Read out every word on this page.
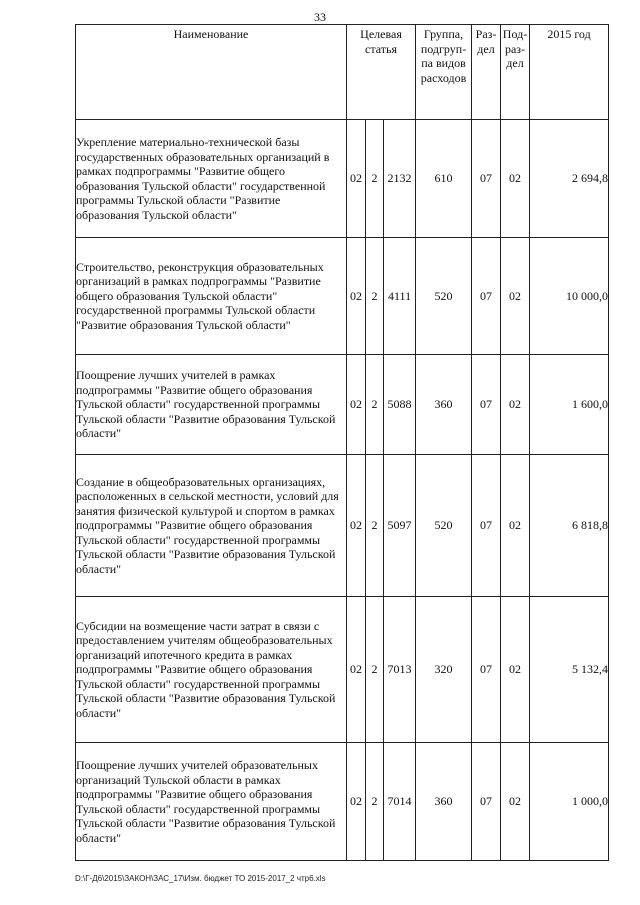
33
Наименование	Целевая статья			Группа, подгруп-па видов расходов	Раз-дел	Под-раз-дел	2015 год
Укрепление материально-технической базы государственных образовательных организаций в рамках подпрограммы "Развитие общего образования Тульской области" государственной программы Тульской области "Развитие образования Тульской области"	02	2	2132	610	07	02	2 694,8
Строительство, реконструкция образовательных организаций в рамках подпрограммы "Развитие общего образования Тульской области" государственной программы Тульской области "Развитие образования Тульской области"	02	2	4111	520	07	02	10 000,0
Поощрение лучших учителей в рамках подпрограммы "Развитие общего образования Тульской области" государственной программы Тульской области "Развитие образования Тульской области"	02	2	5088	360	07	02	1 600,0
Создание в общеобразовательных организациях, расположенных в сельской местности, условий для занятия физической культурой и спортом в рамках подпрограммы "Развитие общего образования Тульской области" государственной программы Тульской области "Развитие образования Тульской области"	02	2	5097	520	07	02	6 818,8
Субсидии на возмещение части затрат в связи с предоставлением учителям общеобразовательных организаций ипотечного кредита в рамках подпрограммы "Развитие общего образования Тульской области" государственной программы Тульской области "Развитие образования Тульской области"	02	2	7013	320	07	02	5 132,4
Поощрение лучших учителей образовательных организаций Тульской области в рамках подпрограммы "Развитие общего образования Тульской области" государственной программы Тульской области "Развитие образования Тульской области"	02	2	7014	360	07	02	1 000,0
D:\Г-Д6\2015\ЗАКОН\ЗАС_17\Изм. бюджет ТО 2015-2017_2 чтр6.xls
